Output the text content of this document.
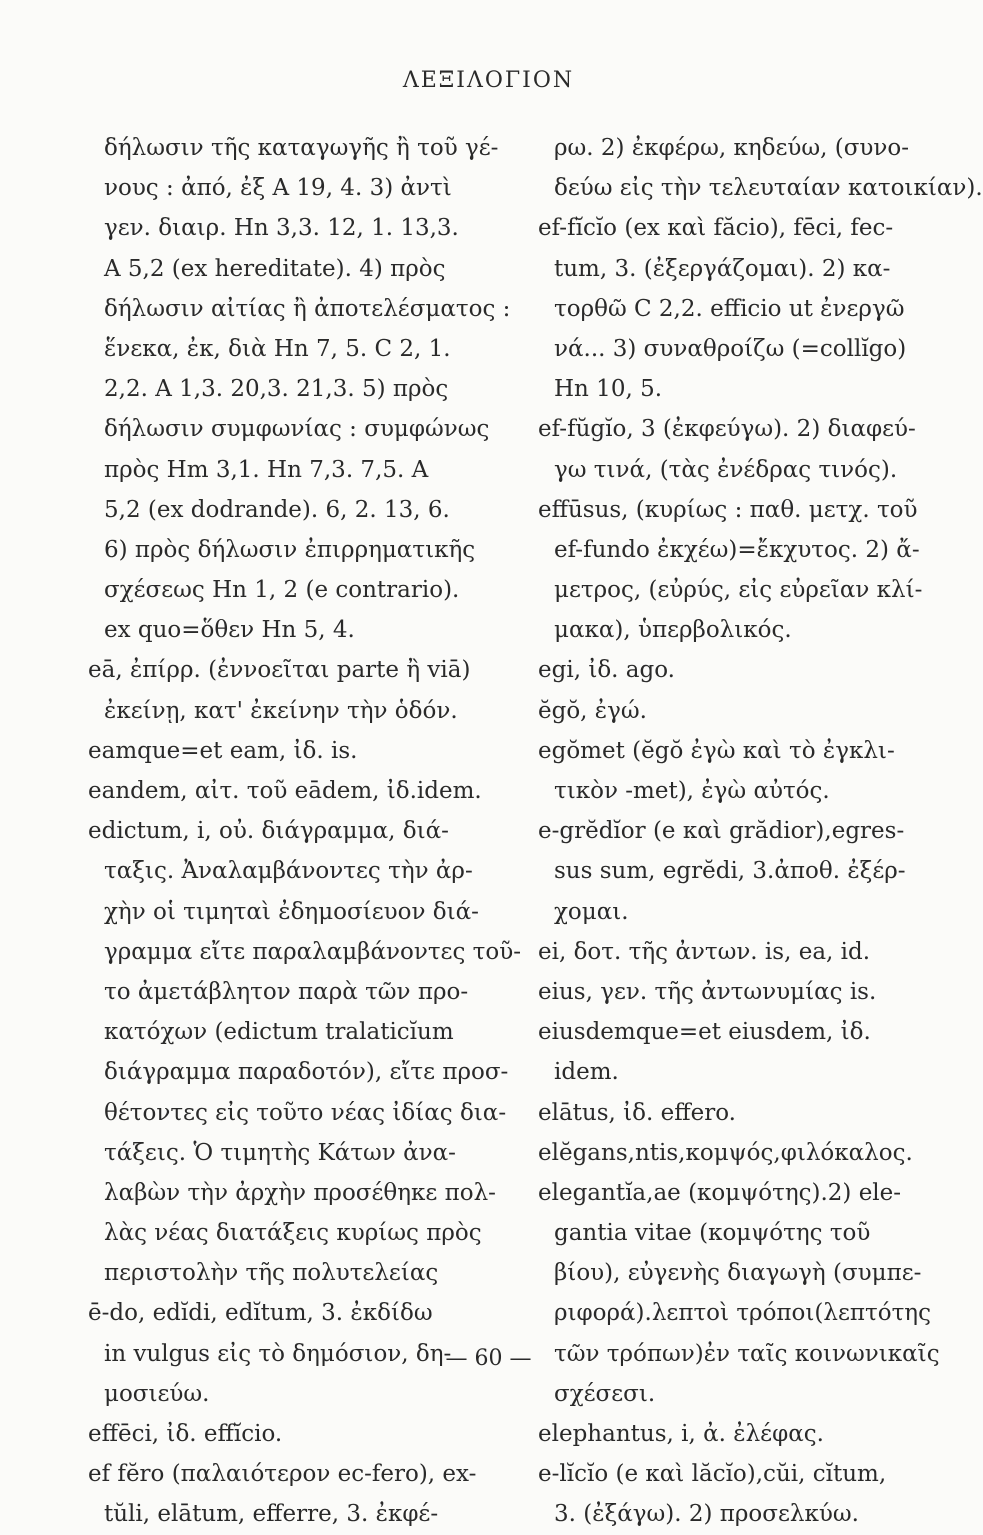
ΛΕΞΙΛΟΓΙΟΝ
δήλωσιν τῆς καταγωγῆς ἢ τοῦ γέ-
νους : ἀπό, ἐξ Α 19, 4. 3) ἀντὶ
γεν. διαιρ. Hn 3,3. 12, 1. 13,3.
A 5,2 (ex hereditate). 4) πρὸς
δήλωσιν αἰτίας ἢ ἀποτελέσματος :
ἕνεκα, ἐκ, διὰ Hn 7, 5. C 2, 1.
2,2. A 1,3. 20,3. 21,3. 5) πρὸς
δήλωσιν συμφωνίας : συμφώνως
πρὸς Hm 3,1. Hn 7,3. 7,5. A
5,2 (ex dodrande). 6, 2. 13, 6.
6) πρὸς δήλωσιν ἐπιρρηματικῆς
σχέσεως Hn 1, 2 (e contrario).
ex quo=ὅθεν Hn 5, 4.
eā, ἐπίρρ. (ἐννοεῖται parte ἢ viā)
ἐκείνῃ, κατ' ἐκείνην τὴν ὁδόν.
eamque=et eam, ἰδ. is.
eandem, αἰτ. τοῦ eādem, ἰδ.idem.
edictum, i, οὐ. διάγραμμα, διά-
ταξις. Ἀναλαμβάνοντες τὴν ἀρ-
χὴν οἱ τιμηταὶ ἐδημοσίευον διά-
γραμμα εἴτε παραλαμβάνοντες τοῦ-
το ἀμετάβλητον παρὰ τῶν προ-
κατόχων (edictum tralaticĭum
διάγραμμα παραδοτόν), εἴτε προσ-
θέτοντες εἰς τοῦτο νέας ἰδίας δια-
τάξεις. Ὁ τιμητὴς Κάτων ἀνα-
λαβὼν τὴν ἀρχὴν προσέθηκε πολ-
λὰς νέας διατάξεις κυρίως πρὸς
περιστολὴν τῆς πολυτελείας
ē-do, edĭdi, edĭtum, 3. ἐκδίδω
in vulgus εἰς τὸ δημόσιον, δη-
μοσιεύω.
effēci, ἰδ. effĭcio.
ef fĕro (παλαιότερον ec-fero), ex-
tŭli, elātum, efferre, 3. ἐκφέ-
ρω. 2) ἐκφέρω, κηδεύω, (συνο-
δεύω εἰς τὴν τελευταίαν κατοικίαν).
ef-fĭcĭo (ex καὶ făcio), fēci, fec-
tum, 3. (ἐξεργάζομαι). 2) κα-
τορθῶ C 2,2. efficio ut ἐνεργῶ
νά... 3) συναθροίζω (=collĭgo)
Hn 10, 5.
ef-fŭgĭo, 3 (ἐκφεύγω). 2) διαφεύ-
γω τινά, (τὰς ἐνέδρας τινός).
effūsus, (κυρίως : παθ. μετχ. τοῦ
ef-fundo ἐκχέω)=ἔκχυτος. 2) ἄ-
μετρος, (εὐρύς, εἰς εὐρεῖαν κλί-
μακα), ὑπερβολικός.
egi, ἰδ. ago.
ĕgŏ, ἐγώ.
egŏmet (ĕgŏ ἐγὼ καὶ τὸ ἐγκλι-
τικὸν -met), ἐγὼ αὐτός.
e-grĕdĭor (e καὶ grădior),egres-
sus sum, egrĕdi, 3.ἀποθ. ἐξέρ-
χομαι.
ei, δοτ. τῆς ἀντων. is, ea, id.
eius, γεν. τῆς ἀντωνυμίας is.
eiusdemque=et eiusdem, ἰδ.
idem.
elātus, ἰδ. effero.
elĕgans,ntis,κομψός,φιλόκαλος.
elegantĭa,ae (κομψότης).2) ele-
gantia vitae (κομψότης τοῦ
βίου), εὐγενὴς διαγωγὴ (συμπε-
ριφορά).λεπτοὶ τρόποι(λεπτότης
τῶν τρόπων)ἐν ταῖς κοινωνικαῖς
σχέσεσι.
elephantus, i, ἀ. ἐλέφας.
e-lĭcĭo (e καὶ lăcĭo),cŭi, cĭtum,
3. (ἐξάγω). 2) προσελκύω.
— 60 —
